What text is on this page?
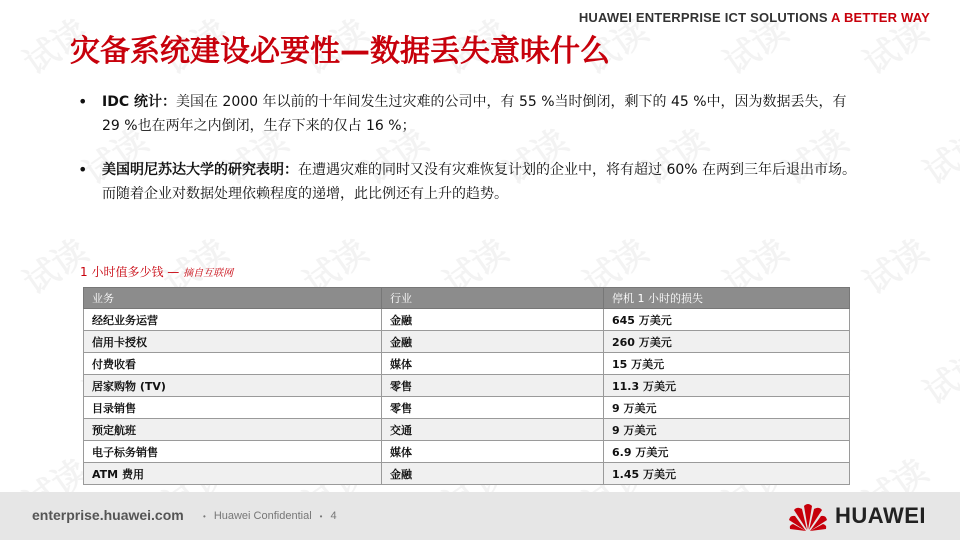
HUAWEI ENTERPRISE ICT SOLUTIONS A BETTER WAY
灾备系统建设必要性—数据丢失意味什么
• IDC 统计：美国在 2000 年以前的十年间发生过灾难的公司中，有 55 %当时倒闭，剩下的 45 %中，因为数据丢失，有 29 %也在两年之内倒闭，生存下来的仅占 16 %；
• 美国明尼苏达大学的研究表明：在遭遇灾难的同时又没有灾难恢复计划的企业中，将有超过 60% 在两到三年后退出市场。而随着企业对数据处理依赖程度的递增，此比例还有上升的趋势。
1 小时值多少钱 — 摘自互联网
业务	行业	停机 1 小时的损失
经纪业务运营	金融	645 万美元
信用卡授权	金融	260 万美元
付费收看	媒体	15 万美元
居家购物 (TV)	零售	11.3 万美元
目录销售	零售	9 万美元
预定航班	交通	9 万美元
电子标务销售	媒体	6.9 万美元
ATM 费用	金融	1.45 万美元
enterprise.huawei.com	• Huawei Confidential • 4	HUAWEI
